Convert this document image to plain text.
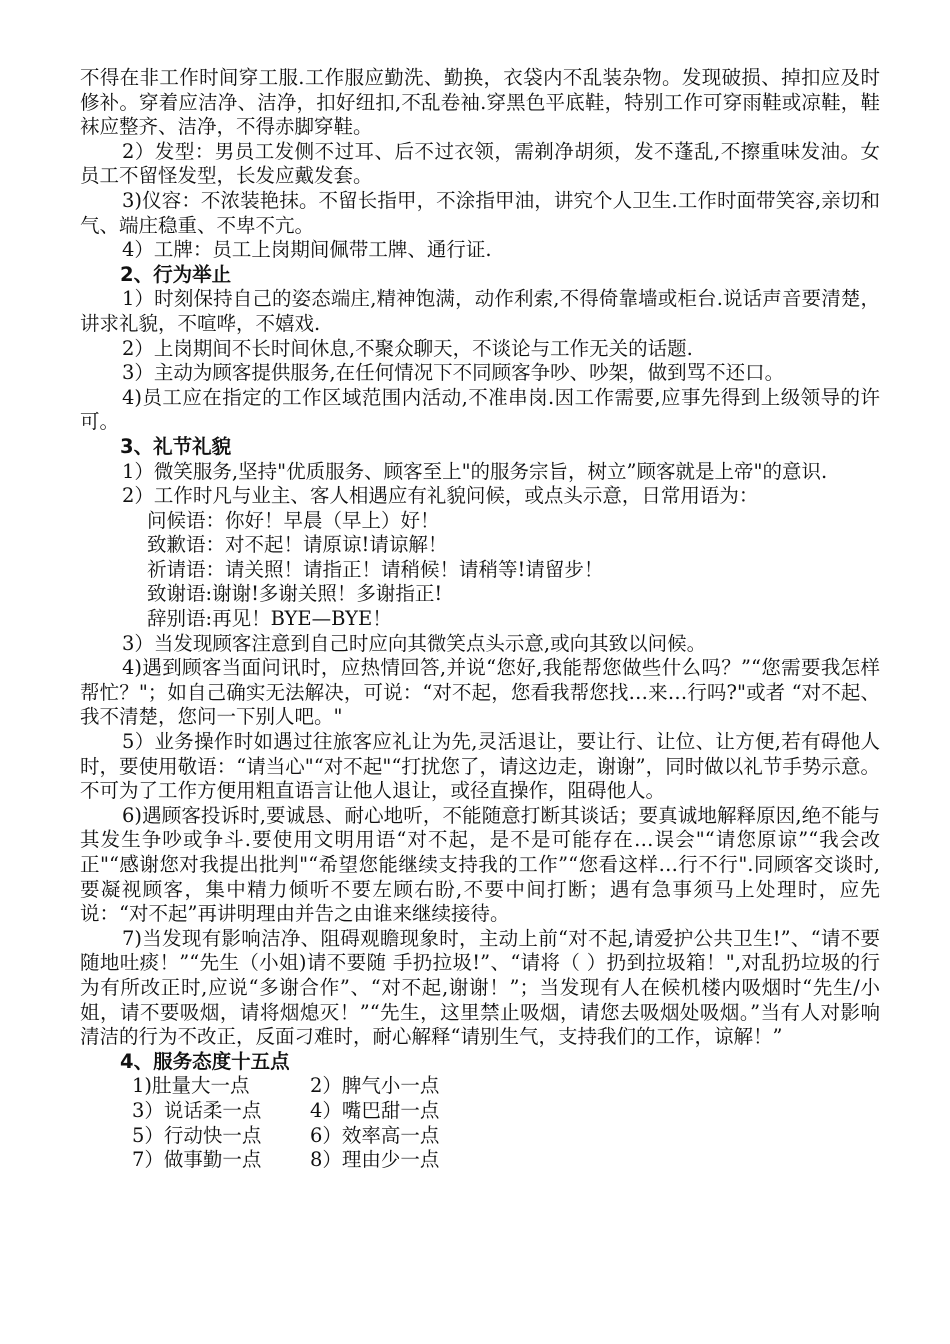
不得在非工作时间穿工服.工作服应勤洗、勤换，衣袋内不乱装杂物。发现破损、掉扣应及时修补。穿着应洁净、洁净，扣好纽扣,不乱卷袖.穿黑色平底鞋，特别工作可穿雨鞋或凉鞋，鞋袜应整齐、洁净，不得赤脚穿鞋。

2）发型：男员工发侧不过耳、后不过衣领，需剃净胡须，发不蓬乱,不擦重味发油。女员工不留怪发型，长发应戴发套。

3)仪容：不浓装艳抹。不留长指甲，不涂指甲油，讲究个人卫生.工作时面带笑容,亲切和气、端庄稳重、不卑不亢。

4）工牌：员工上岗期间佩带工牌、通行证.

2、行为举止

1）时刻保持自己的姿态端庄,精神饱满，动作利索,不得倚靠墙或柜台.说话声音要清楚，讲求礼貌，不喧哗，不嬉戏.

2）上岗期间不长时间休息,不聚众聊天，不谈论与工作无关的话题.

3）主动为顾客提供服务,在任何情况下不同顾客争吵、吵架，做到骂不还口。

4)员工应在指定的工作区域范围内活动,不准串岗.因工作需要,应事先得到上级领导的许可。

3、礼节礼貌

1）微笑服务,坚持"优质服务、顾客至上"的服务宗旨，树立”顾客就是上帝"的意识.

2）工作时凡与业主、客人相遇应有礼貌问候，或点头示意，日常用语为：

问候语：你好！早晨（早上）好！

致歉语：对不起！请原谅!请谅解！

祈请语：请关照！请指正！请稍候！请稍等!请留步！

致谢语:谢谢!多谢关照！多谢指正!

辞别语:再见！BYE—BYE！

3）当发现顾客注意到自己时应向其微笑点头示意,或向其致以问候。

4)遇到顾客当面问讯时，应热情回答,并说“您好,我能帮您做些什么吗？”“您需要我怎样帮忙？"；如自己确实无法解决，可说：“对不起，您看我帮您找…来…行吗?"或者 “对不起、我不清楚，您问一下别人吧。"

5）业务操作时如遇过往旅客应礼让为先,灵活退让，要让行、让位、让方便,若有碍他人时，要使用敬语：“请当心"“对不起"“打扰您了，请这边走，谢谢”，同时做以礼节手势示意。不可为了工作方便用粗直语言让他人退让，或径直操作，阻碍他人。

6)遇顾客投诉时,要诚恳、耐心地听，不能随意打断其谈话；要真诚地解释原因,绝不能与其发生争吵或争斗.要使用文明用语“对不起，是不是可能存在…误会"“请您原谅”“我会改正"“感谢您对我提出批判"“希望您能继续支持我的工作”“您看这样…行不行".同顾客交谈时,要凝视顾客，集中精力倾听不要左顾右盼,不要中间打断；遇有急事须马上处理时，应先说：“对不起”再讲明理由并告之由谁来继续接待。

7)当发现有影响洁净、阻碍观瞻现象时，主动上前“对不起,请爱护公共卫生!”、“请不要随地吐痰！”“先生（小姐)请不要随 手扔拉圾!”、“请将（ ）扔到拉圾箱！",对乱扔垃圾的行为有所改正时,应说“多谢合作”、“对不起,谢谢！”；当发现有人在候机楼内吸烟时“先生/小姐，请不要吸烟，请将烟熄灭！”“先生，这里禁止吸烟，请您去吸烟处吸烟。”当有人对影响清洁的行为不改正，反面刁难时，耐心解释“请别生气，支持我们的工作，谅解！”

4、服务态度十五点

1)肚量大一点	2）脾气小一点
3）说话柔一点 4）嘴巴甜一点
5）行动快一点 6）效率高一点
7）做事勤一点 8）理由少一点
